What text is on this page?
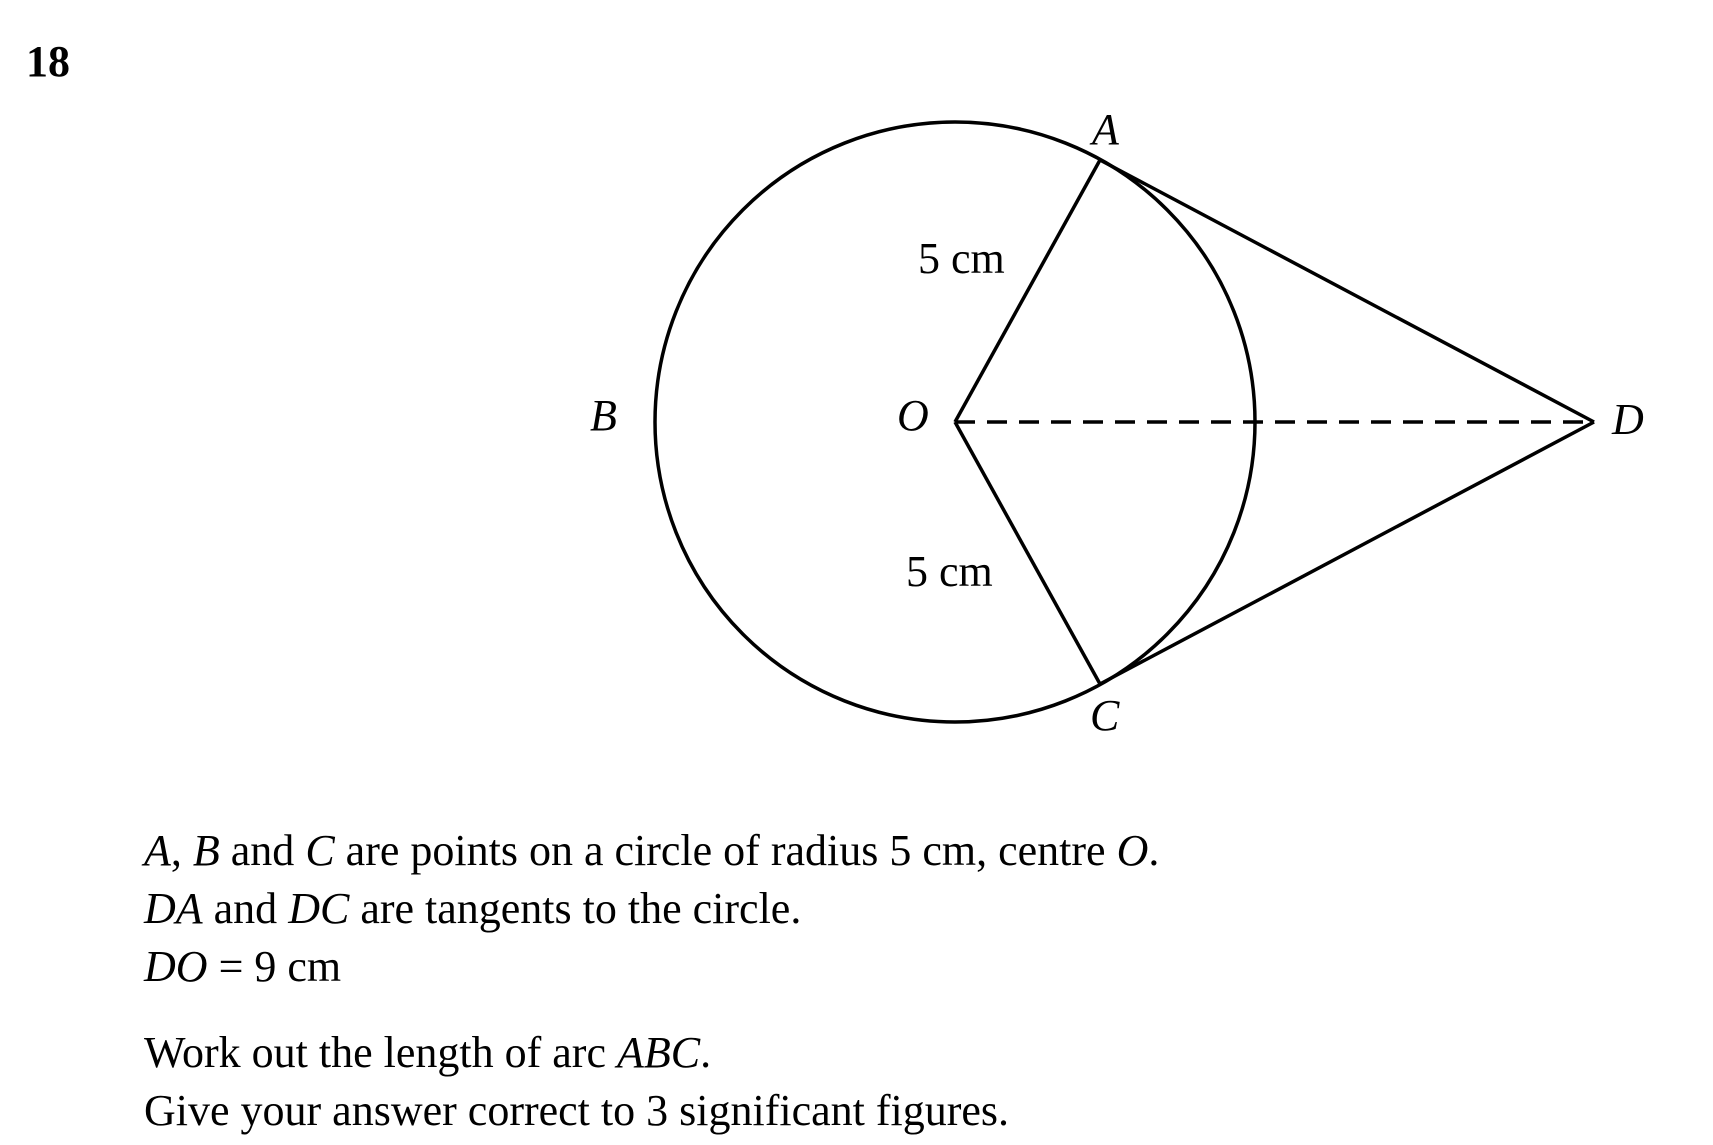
18
A
B
C
D
O
5 cm
5 cm
A, B and C are points on a circle of radius 5 cm, centre O.
DA and DC are tangents to the circle.
DO = 9 cm
Work out the length of arc ABC.
Give your answer correct to 3 significant figures.
